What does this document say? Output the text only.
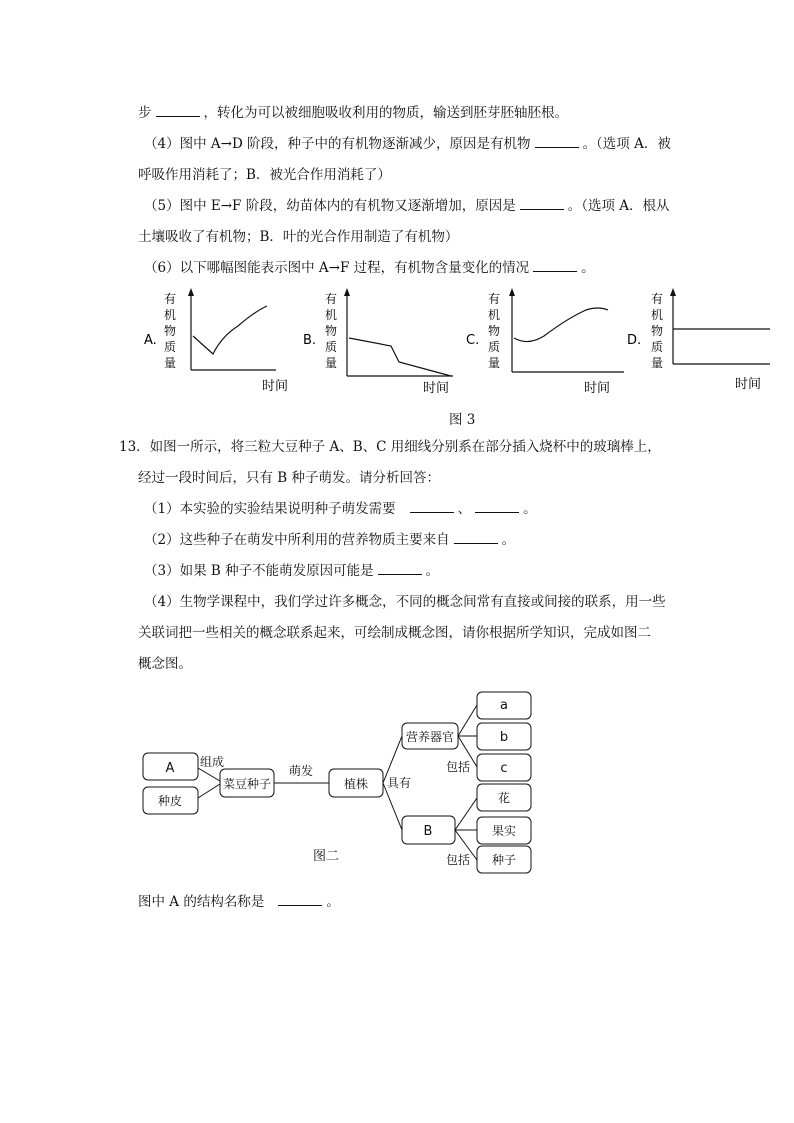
步	，转化为可以被细胞吸收利用的物质，输送到胚芽胚轴胚根。
（4）图中 A→D 阶段，种子中的有机物逐渐减少，原因是有机物	。（选项 A．被
呼吸作用消耗了；B．被光合作用消耗了）
（5）图中 E→F 阶段，幼苗体内的有机物又逐渐增加，原因是	。（选项 A．根从
土壤吸收了有机物；B．叶的光合作用制造了有机物）
（6）以下哪幅图能表示图中 A→F 过程，有机物含量变化的情况	。
A.
有
机
物
质
量
时间
B.
有
机
物
质
量
时间
C.
有
机
物
质
量
时间
D.
有
机
物
质
量
时间
图 3
13．如图一所示，将三粒大豆种子 A、B、C 用细线分别系在部分插入烧杯中的玻璃棒上，
经过一段时间后，只有 B 种子萌发。请分析回答：
（1）本实验的实验结果说明种子萌发需要	、	。
（2）这些种子在萌发中所利用的营养物质主要来自	。
（3）如果 B 种子不能萌发原因可能是	。
（4）生物学课程中，我们学过许多概念，不同的概念间常有直接或间接的联系，用一些
关联词把一些相关的概念联系起来，可绘制成概念图，请你根据所学知识，完成如图二
概念图。
A
种皮
菜豆种子	植株
营养器官
a
b
c
B
花
果实
种子
组成
萌发
具有
包括
包括
图二
图中 A 的结构名称是	。
